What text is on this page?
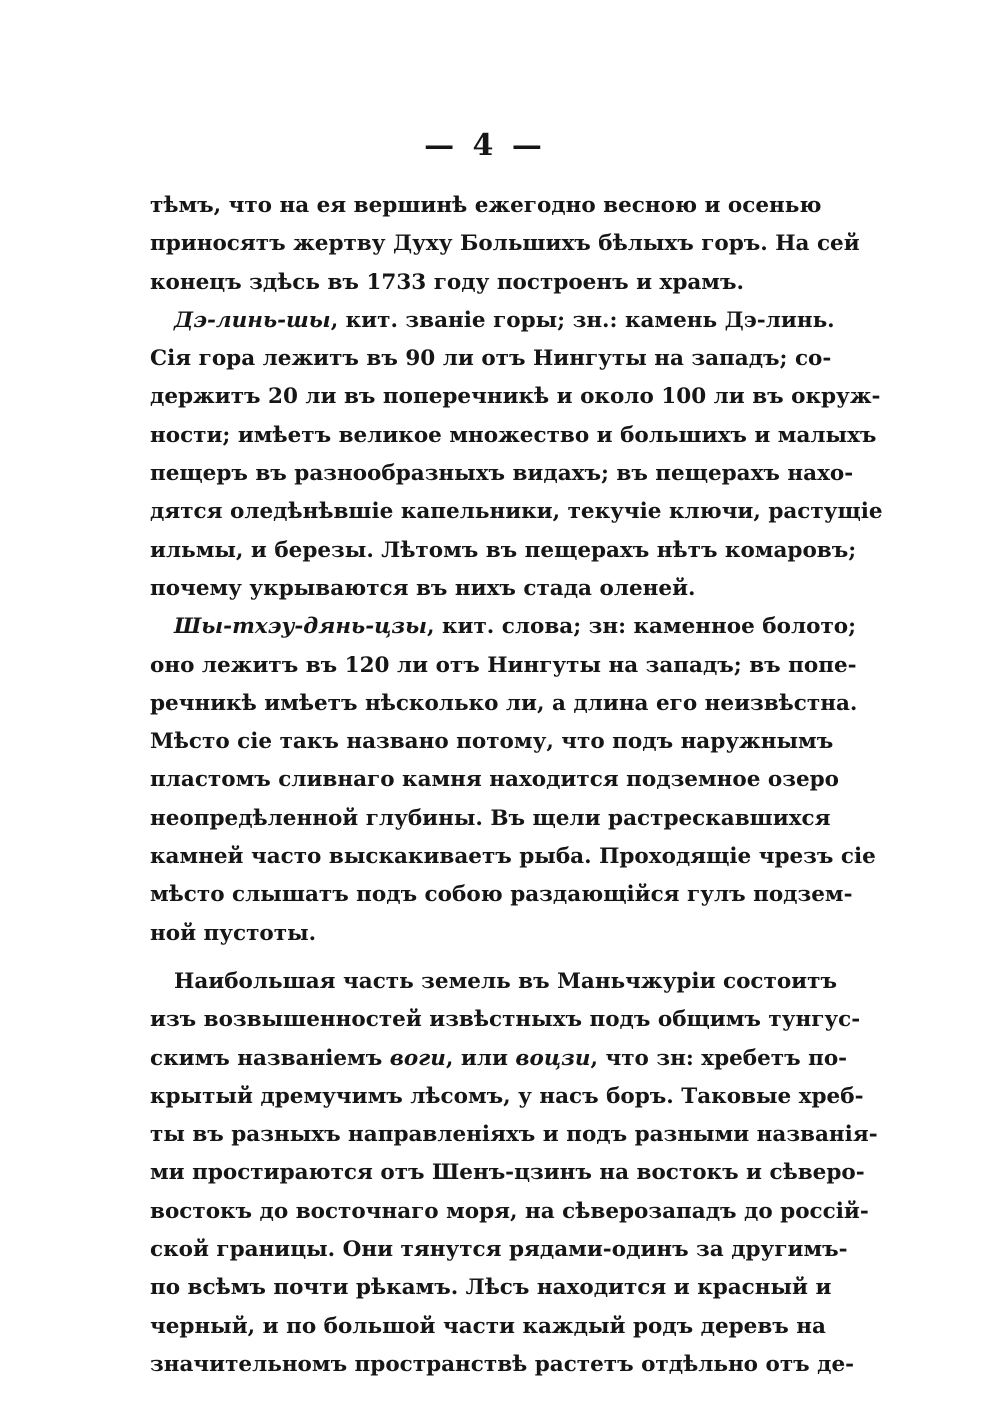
— 4 —
тѣмъ, что на ея вершинѣ ежегодно весною и осенью
приносятъ жертву Духу Большихъ бѣлыхъ горъ. На сей
конецъ здѣсь въ 1733 году построенъ и храмъ.
Дэ-линь-шы, кит. званіе горы; зн.: камень Дэ-линь.
Сія гора лежитъ въ 90 ли отъ Нингуты на западъ; со-
держитъ 20 ли въ поперечникѣ и около 100 ли въ окруж-
ности; имѣетъ великое множество и большихъ и малыхъ
пещеръ въ разнообразныхъ видахъ; въ пещерахъ нахо-
дятся оледѣнѣвшіе капельники, текучіе ключи, растущіе
ильмы, и березы. Лѣтомъ въ пещерахъ нѣтъ комаровъ;
почему укрываются въ нихъ стада оленей.
Шы-тхэу-дянь-цзы, кит. слова; зн: каменное болото;
оно лежитъ въ 120 ли отъ Нингуты на западъ; въ попе-
речникѣ имѣетъ нѣсколько ли, а длина его неизвѣстна.
Мѣсто сіе такъ названо потому, что подъ наружнымъ
пластомъ сливнаго камня находится подземное озеро
неопредѣленной глубины. Въ щели растрескавшихся
камней часто выскакиваетъ рыба. Проходящіе чрезъ сіе
мѣсто слышатъ подъ собою раздающійся гулъ подзем-
ной пустоты.
Наибольшая часть земель въ Маньчжуріи состоитъ
изъ возвышенностей извѣстныхъ подъ общимъ тунгус-
скимъ названіемъ воги, или воцзи, что зн: хребетъ по-
крытый дремучимъ лѣсомъ, у насъ боръ. Таковые хреб-
ты въ разныхъ направленіяхъ и подъ разными названія-
ми простираются отъ Шенъ-цзинъ на востокъ и сѣверо-
востокъ до восточнаго моря, на сѣверозападъ до россій-
ской границы. Они тянутся рядами-одинъ за другимъ-
по всѣмъ почти рѣкамъ. Лѣсъ находится и красный и
черный, и по большой части каждый родъ деревъ на
значительномъ пространствѣ растетъ отдѣльно отъ де-
